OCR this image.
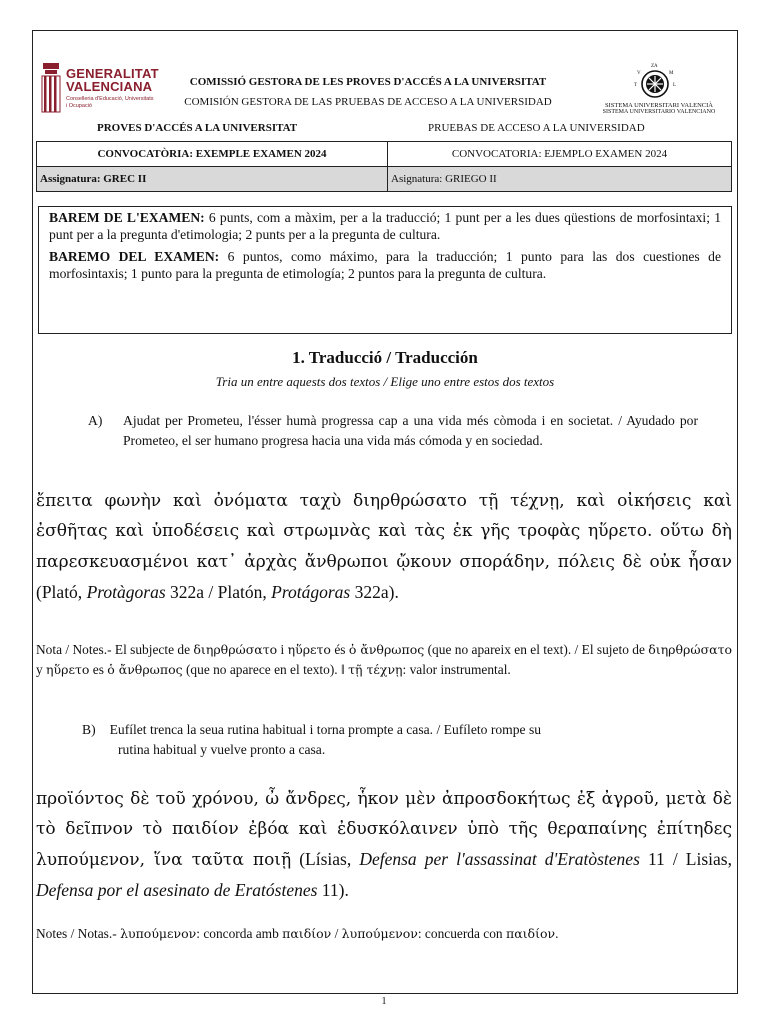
GENERALITAT
VALENCIANA
Conselleria d'Educació, Universitats i Ocupació
COMISSIÓ GESTORA DE LES PROVES D'ACCÉS A LA UNIVERSITAT
COMISIÓN GESTORA DE LAS PRUEBAS DE ACCESO A LA UNIVERSIDAD
V	M
T	L
ZA
SISTEMA UNIVERSITARI VALENCIÀ
SISTEMA UNIVERSITARIO VALENCIANO
PROVES D'ACCÉS A LA UNIVERSITAT	PRUEBAS DE ACCESO A LA UNIVERSIDAD
CONVOCATÒRIA: EXEMPLE EXAMEN 2024	CONVOCATORIA: EJEMPLO EXAMEN 2024
Assignatura: GREC II	Asignatura: GRIEGO II

BAREM DE L'EXAMEN: 6 punts, com a màxim, per a la traducció; 1 punt per a les dues qüestions de morfosintaxi; 1 punt per a la pregunta d'etimologia; 2 punts per a la pregunta de cultura.

BAREMO DEL EXAMEN: 6 puntos, como máximo, para la traducción; 1 punto para las dos cuestiones de morfosintaxis; 1 punto para la pregunta de etimología; 2 puntos para la pregunta de cultura.

1. Traducció / Traducción
Tria un entre aquests dos textos / Elige uno entre estos dos textos
A) Ajudat per Prometeu, l'ésser humà progressa cap a una vida més còmoda i en societat. / Ayudado por Prometeo, el ser humano progresa hacia una vida más cómoda y en sociedad.
ἔπειτα φωνὴν καὶ ὀνόματα ταχὺ διηρθρώσατο τῇ τέχνῃ, καὶ οἰκήσεις καὶ ἐσθῆτας καὶ ὑποδέσεις καὶ στρωμνὰς καὶ τὰς ἐκ γῆς τροφὰς ηὕρετο. οὕτω δὴ παρεσκευασμένοι κατ᾽ ἀρχὰς ἄνθρωποι ᾤκουν σποράδην, πόλεις δὲ οὐκ ἦσαν (Plató, Protàgoras 322a / Platón, Protágoras 322a).
Nota / Notes.- El subjecte de διηρθρώσατο i ηὕρετο és ὁ ἄνθρωπος (que no apareix en el text). / El sujeto de διηρθρώσατο y ηὕρετο es ὁ ἄνθρωπος (que no aparece en el texto). ‖ τῇ τέχνῃ: valor instrumental.
B) Eufílet trenca la seua rutina habitual i torna prompte a casa. / Eufíleto rompe su
rutina habitual y vuelve pronto a casa.
προϊόντος δὲ τοῦ χρόνου, ὦ ἄνδρες, ἧκον μὲν ἀπροσδοκήτως ἐξ ἀγροῦ, μετὰ δὲ τὸ δεῖπνον τὸ παιδίον ἐβόα καὶ ἐδυσκόλαινεν ὑπὸ τῆς θεραπαίνης ἐπίτηδες λυπούμενον, ἵνα ταῦτα ποιῇ (Lísias, Defensa per l'assassinat d'Eratòstenes 11 / Lisias, Defensa por el asesinato de Eratóstenes 11).
Notes / Notas.- λυπούμενον: concorda amb παιδίον / λυπούμενον: concuerda con παιδίον.
1
